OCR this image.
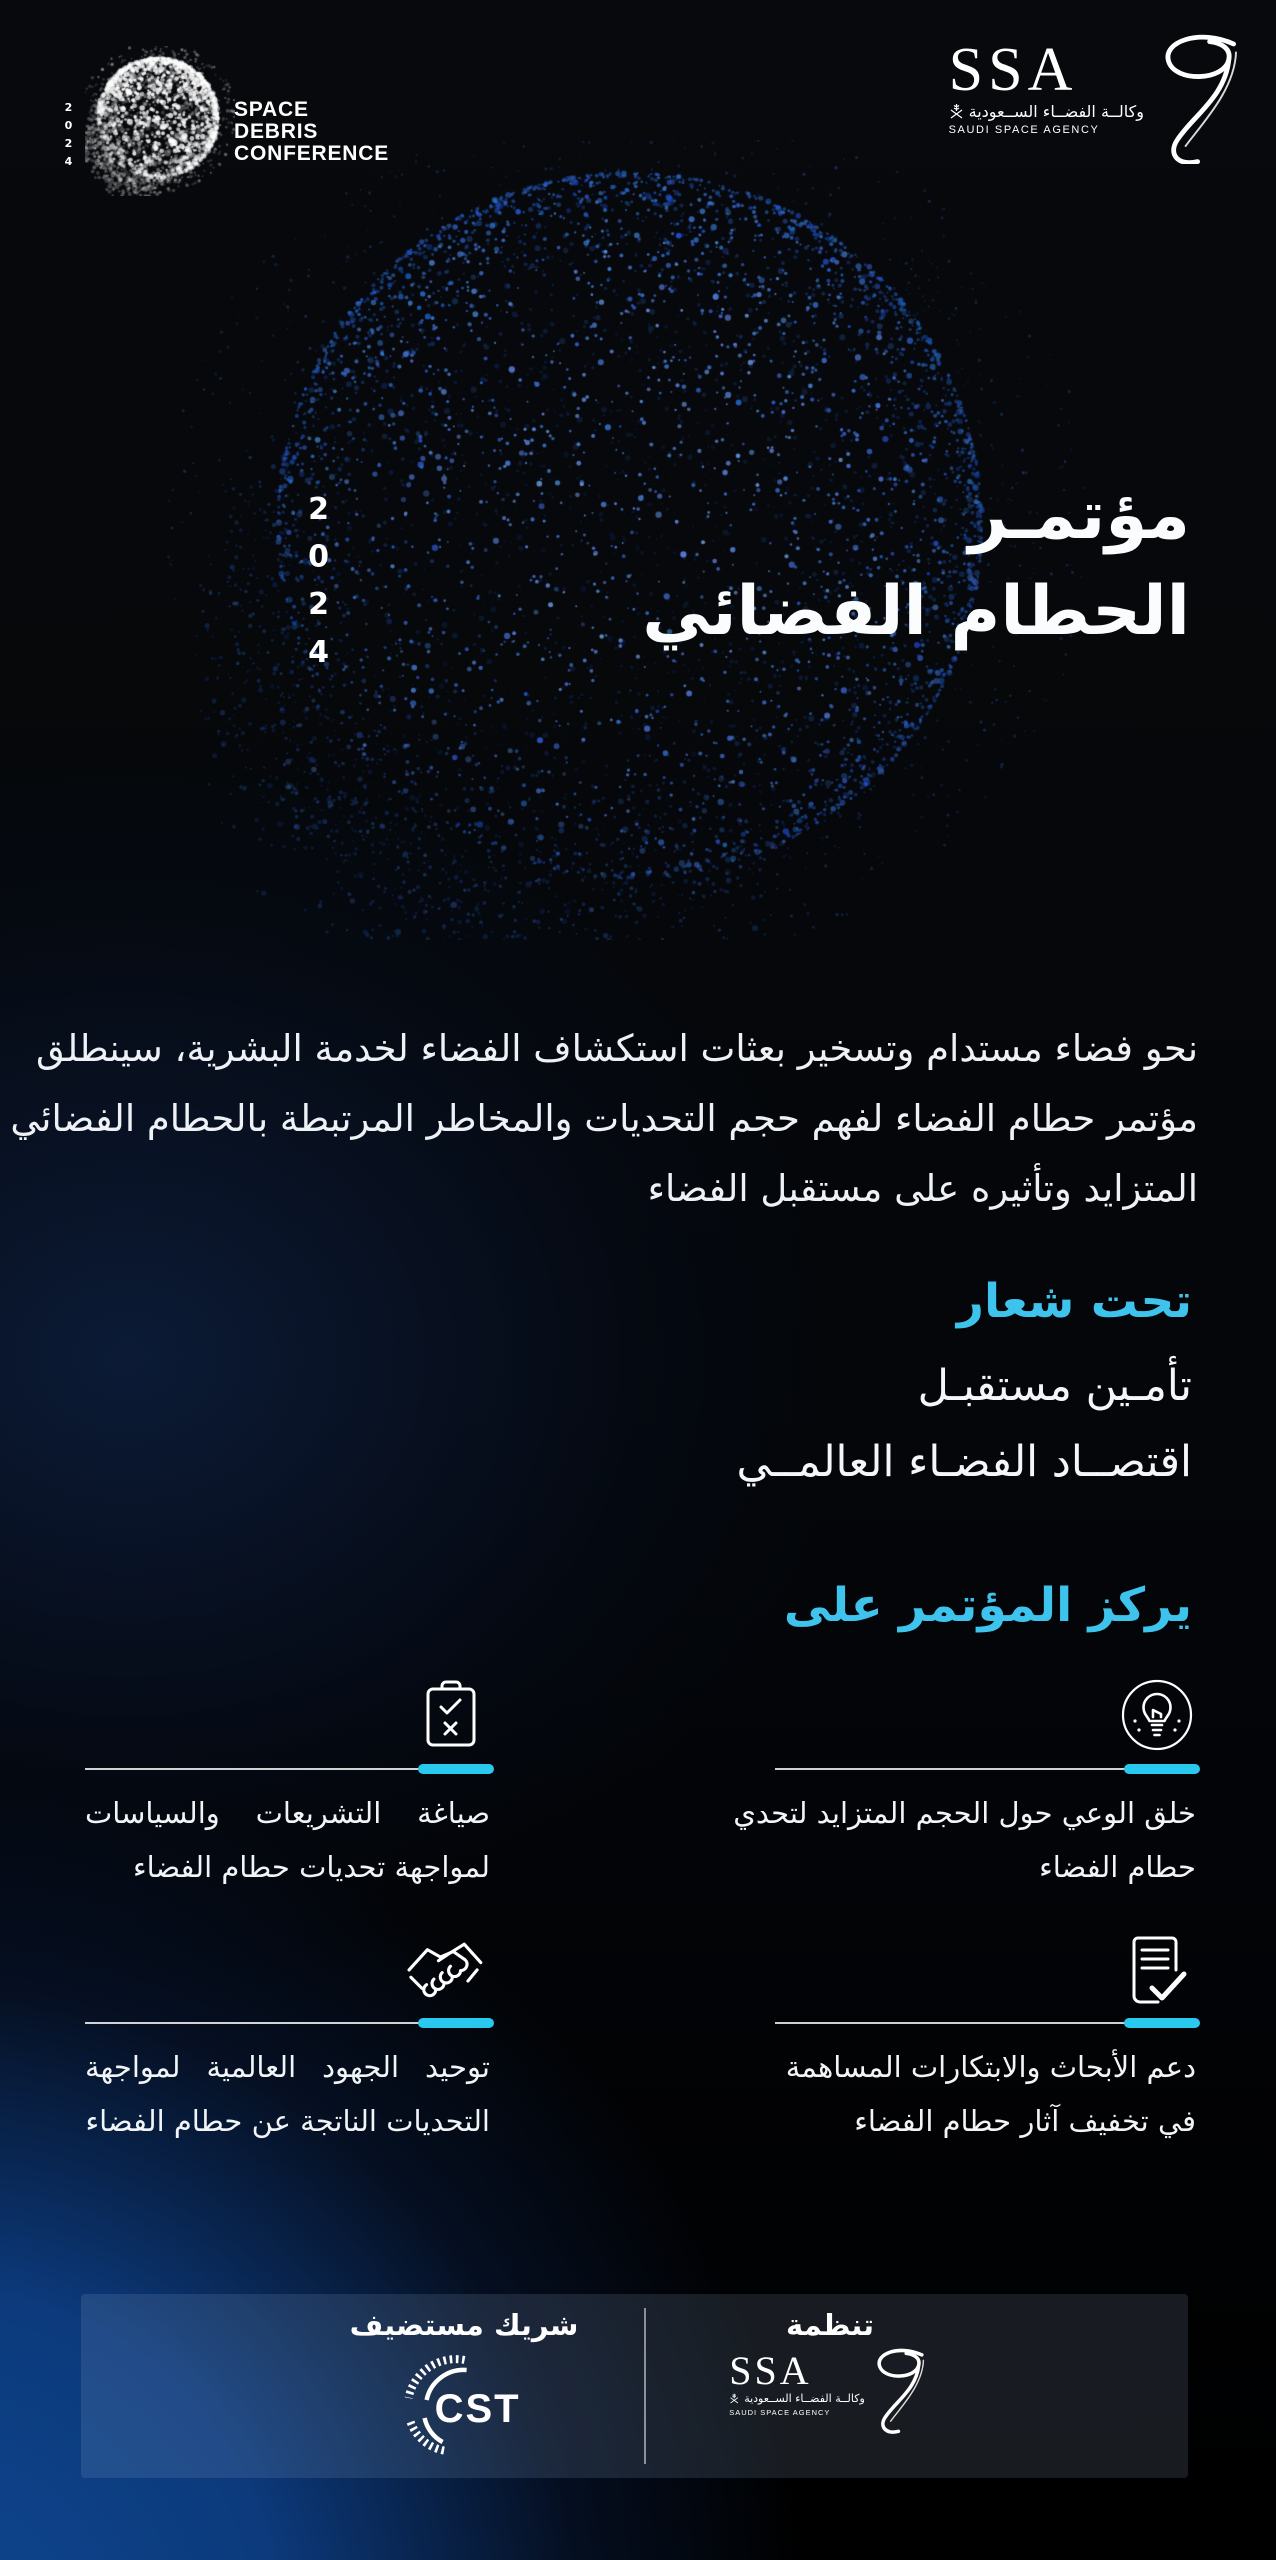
2024	SPACE
DEBRIS
CONFERENCE
SSA
وكالــة الفضــاء الســعودية
SAUDI SPACE AGENCY
2024	مؤتمـر
الحطام الفضائي
نحو فضاء مستدام وتسخير بعثات استكشاف الفضاء لخدمة البشرية، سينطلق
مؤتمر حطام الفضاء لفهم حجم التحديات والمخاطر المرتبطة بالحطام الفضائي
المتزايد وتأثيره على مستقبل الفضاء
تحت شعار
تأمـين مستقبـل
اقتصــاد الفضـاء العالمــي
يركز المؤتمر على
خلق الوعي حول الحجم المتزايد لتحدي
حطام الفضاء
صياغة التشريعات والسياسات
لمواجهة تحديات حطام الفضاء
دعم الأبحاث والابتكارات المساهمة
في تخفيف آثار حطام الفضاء
توحيد الجهود العالمية لمواجهة
التحديات الناتجة عن حطام الفضاء
شريك مستضيف
CST
تنظمة
SSA
وكالــة الفضــاء الســعودية
SAUDI SPACE AGENCY
